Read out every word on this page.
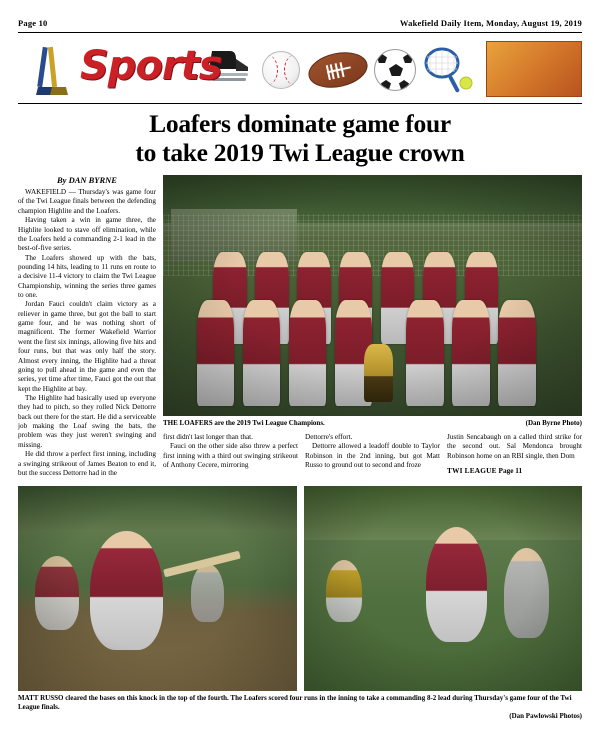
Page 10	Wakefield Daily Item, Monday, August 19, 2019
Sports
Loafers dominate game four
to take 2019 Twi League crown
By DAN BYRNE

WAKEFIELD — Thursday's was game four of the Twi League finals between the defending champion Highlite and the Loafers.

Having taken a win in game three, the Highlite looked to stave off elimination, while the Loafers held a commanding 2-1 lead in the best-of-five series.

The Loafers showed up with the bats, pounding 14 hits, leading to 11 runs en route to a decisive 11-4 victory to claim the Twi League Championship, winning the series three games to one.

Jordan Fauci couldn't claim victory as a reliever in game three, but got the ball to start game four, and he was nothing short of magnificent. The former Wakefield Warrior went the first six innings, allowing five hits and four runs, but that was only half the story. Almost every inning, the Highlite had a threat going to pull ahead in the game and even the series, yet time after time, Fauci got the out that kept the Highlite at bay.

The Highlite had basically used up everyone they had to pitch, so they rolled Nick Dettorre back out there for the start. He did a serviceable job making the Loaf swing the bats, the problem was they just weren't swinging and missing.

He did throw a perfect first inning, including a swinging strikeout of James Beaton to end it, but the success Dettorre had in the

THE LOAFERS are the 2019 Twi League Champions.	(Dan Byrne Photo)

first didn't last longer than that.

Fauci on the other side also threw a perfect first inning with a third out swinging strikeout of Anthony Cecere, mirroring

Dettorre's effort.

Dettorre allowed a leadoff double to Taylor Robinson in the 2nd inning, but got Matt Russo to ground out to second and froze

Justin Sencabaugh on a called third strike for the second out. Sal Mendonca brought Robinson home on an RBI single, then Dom

TWI LEAGUE Page 11
MATT RUSSO cleared the bases on this knock in the top of the fourth. The Loafers scored four runs in the inning to take a commanding 8-2 lead during Thursday's game four of the Twi League finals.
(Dan Pawlowski Photos)
